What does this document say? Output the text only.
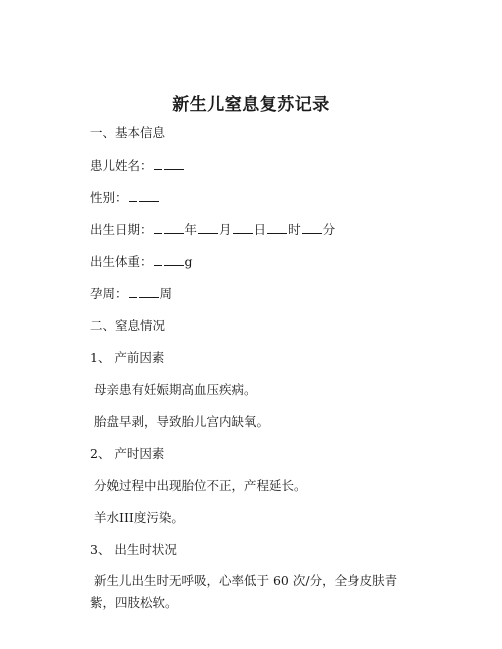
新生儿窒息复苏记录
一、基本信息
患儿姓名：
性别：
出生日期：	年 月 日 时 分
出生体重：	g
孕周：	周
二、窒息情况
1、 产前因素
母亲患有妊娠期高血压疾病。
胎盘早剥，导致胎儿宫内缺氧。
2、 产时因素
分娩过程中出现胎位不正，产程延长。
羊水III度污染。
3、 出生时状况
新生儿出生时无呼吸，心率低于 60 次/分，全身皮肤青紫，四肢松软。
